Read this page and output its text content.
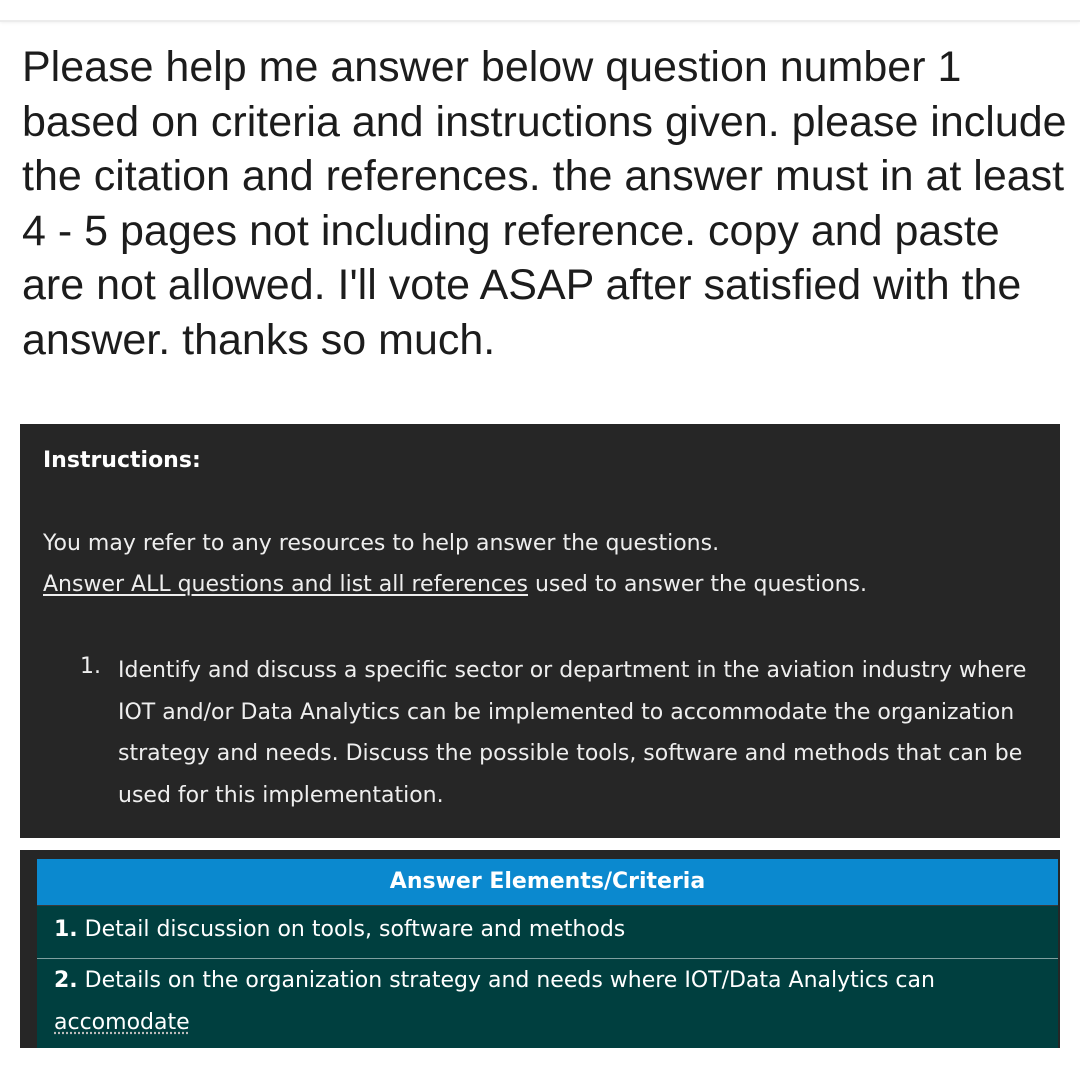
Please help me answer below question number 1 based on criteria and instructions given. please include the citation and references. the answer must in at least 4 - 5 pages not including reference. copy and paste are not allowed. I'll vote ASAP after satisfied with the answer. thanks so much.

Instructions:
You may refer to any resources to help answer the questions.
Answer ALL questions and list all references used to answer the questions.
1. Identify and discuss a specific sector or department in the aviation industry where IOT and/or Data Analytics can be implemented to accommodate the organization strategy and needs. Discuss the possible tools, software and methods that can be used for this implementation.
Answer Elements/Criteria
1. Detail discussion on tools, software and methods
2. Details on the organization strategy and needs where IOT/Data Analytics can accomodate
